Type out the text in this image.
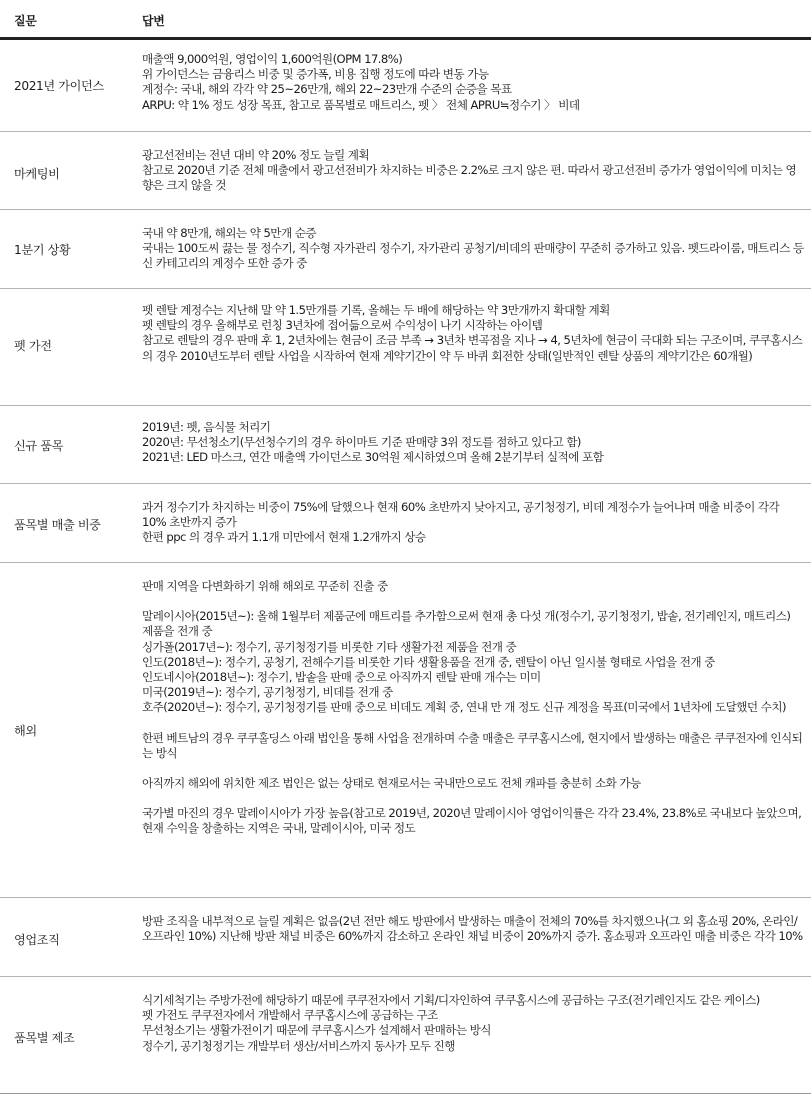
질문	답변
2021년 가이던스

매출액 9,000억원, 영업이익 1,600억원(OPM 17.8%)

위 가이던스는 금융리스 비중 및 증가폭, 비용 집행 정도에 따라 변동 가능

계정수: 국내, 해외 각각 약 25~26만개, 해외 22~23만개 수준의 순증을 목표

ARPU: 약 1% 정도 성장 목표, 참고로 품목별로 매트리스, 펫 〉 전체 APRU≒정수기 〉 비데

마케팅비

광고선전비는 전년 대비 약 20% 정도 늘릴 계획

참고로 2020년 기준 전체 매출에서 광고선전비가 차지하는 비중은 2.2%로 크지 않은 편. 따라서 광고선전비 증가가 영업이익에 미치는 영향은 크지 않을 것

1분기 상황

국내 약 8만개, 해외는 약 5만개 순증

국내는 100도씨 끓는 물 정수기, 직수형 자가관리 정수기, 자가관리 공청기/비데의 판매량이 꾸준히 증가하고 있음. 펫드라이룸, 매트리스 등 신 카테고리의 계정수 또한 증가 중

펫 가전

펫 렌탈 계정수는 지난해 말 약 1.5만개를 기록, 올해는 두 배에 해당하는 약 3만개까지 확대할 계획

펫 렌탈의 경우 올해부로 런칭 3년차에 접어듦으로써 수익성이 나기 시작하는 아이템

참고로 렌탈의 경우 판매 후 1, 2년차에는 현금이 조금 부족 → 3년차 변곡점을 지나 → 4, 5년차에 현금이 극대화 되는 구조이며, 쿠쿠홈시스의 경우 2010년도부터 렌탈 사업을 시작하여 현재 계약기간이 약 두 바퀴 회전한 상태(일반적인 렌탈 상품의 계약기간은 60개월)

신규 품목

2019년: 펫, 음식물 처리기

2020년: 무선청소기(무선청수기의 경우 하이마트 기준 판매량 3위 정도를 점하고 있다고 함)

2021년: LED 마스크, 연간 매출액 가이던스로 30억원 제시하였으며 올해 2분기부터 실적에 포함

품목별 매출 비중

과거 정수기가 차지하는 비중이 75%에 달했으나 현재 60% 초반까지 낮아지고, 공기청정기, 비데 계정수가 늘어나며 매출 비중이 각각 10% 초반까지 증가

한편 ppc 의 경우 과거 1.1개 미만에서 현재 1.2개까지 상승

해외

판매 지역을 다변화하기 위해 해외로 꾸준히 진출 중

말레이시아(2015년~): 올해 1월부터 제품군에 매트리를 추가함으로써 현재 총 다섯 개(정수기, 공기청정기, 밥솥, 전기레인지, 매트리스) 제품을 전개 중

싱가폴(2017년~): 정수기, 공기청정기를 비롯한 기타 생활가전 제품을 전개 중

인도(2018년~): 정수기, 공청기, 전해수기를 비롯한 기타 생활용품을 전개 중, 렌탈이 아닌 일시불 형태로 사업을 전개 중

인도네시아(2018년~): 정수기, 밥솥을 판매 중으로 아직까지 렌탈 판매 개수는 미미

미국(2019년~): 정수기, 공기청정기, 비데를 전개 중

호주(2020년~): 정수기, 공기청정기를 판매 중으로 비데도 계획 중, 연내 만 개 정도 신규 계정을 목표(미국에서 1년차에 도달했던 수치)

한편 베트남의 경우 쿠쿠홀딩스 아래 법인을 통해 사업을 전개하며 수출 매출은 쿠쿠홈시스에, 현지에서 발생하는 매출은 쿠쿠전자에 인식되는 방식

아직까지 해외에 위치한 제조 법인은 없는 상태로 현재로서는 국내만으로도 전체 캐파를 충분히 소화 가능

국가별 마진의 경우 말레이시아가 가장 높음(참고로 2019년, 2020년 말레이시아 영업이익률은 각각 23.4%, 23.8%로 국내보다 높았으며, 현재 수익을 창출하는 지역은 국내, 말레이시아, 미국 정도

영업조직

방판 조직을 내부적으로 늘릴 계획은 없음(2년 전만 해도 방판에서 발생하는 매출이 전체의 70%를 차지했으나(그 외 홈쇼핑 20%, 온라인/오프라인 10%) 지난해 방판 채널 비중은 60%까지 감소하고 온라인 채널 비중이 20%까지 증가. 홈쇼핑과 오프라인 매출 비중은 각각 10%

품목별 제조

식기세척기는 주방가전에 해당하기 때문에 쿠쿠전자에서 기획/디자인하여 쿠쿠홈시스에 공급하는 구조(전기레인지도 같은 케이스)

펫 가전도 쿠쿠전자에서 개발해서 쿠쿠홈시스에 공급하는 구조

무선청소기는 생활가전이기 때문에 쿠쿠홈시스가 설계해서 판매하는 방식

정수기, 공기청정기는 개발부터 생산/서비스까지 동사가 모두 진행
